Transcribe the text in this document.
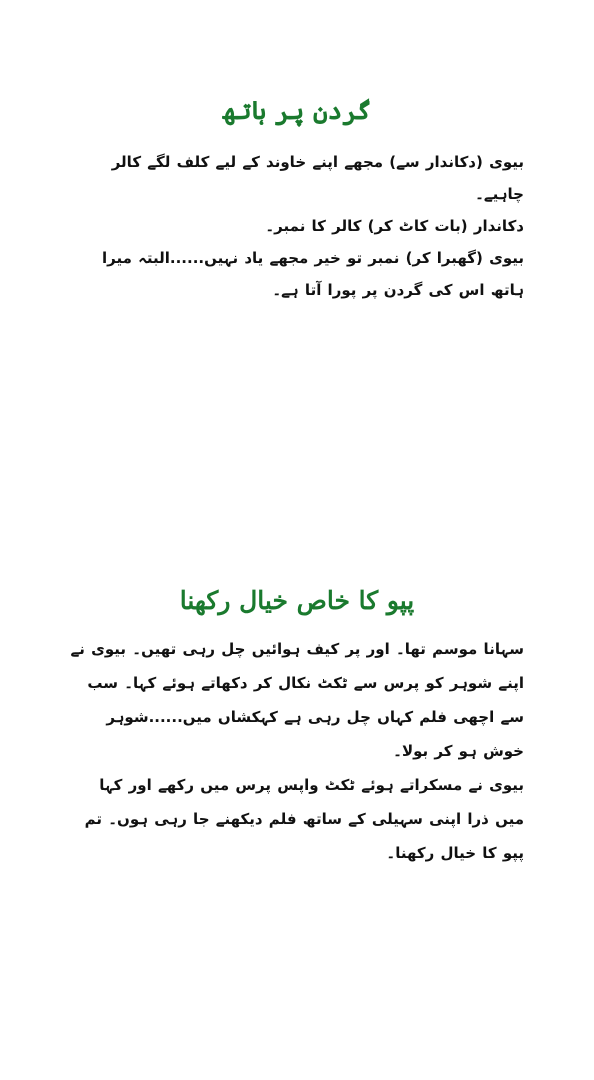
گردن پر ہاتھ

بیوی (دکاندار سے) مجھے اپنے خاوند کے لیے کلف لگے کالر چاہیے۔

دکاندار (بات کاٹ کر) کالر کا نمبر۔

بیوی (گھبرا کر) نمبر تو خیر مجھے یاد نہیں......البتہ میرا ہاتھ اس کی گردن پر پورا آتا ہے۔

پپو کا خاص خیال رکھنا

سہانا موسم تھا۔ اور پر کیف ہوائیں چل رہی تھیں۔ بیوی نے اپنے شوہر کو پرس سے ٹکٹ نکال کر دکھاتے ہوئے کہا۔ سب سے اچھی فلم کہاں چل رہی ہے کہکشاں میں......شوہر خوش ہو کر بولا۔

بیوی نے مسکراتے ہوئے ٹکٹ واپس پرس میں رکھے اور کہا میں ذرا اپنی سہیلی کے ساتھ فلم دیکھنے جا رہی ہوں۔ تم پپو کا خیال رکھنا۔
